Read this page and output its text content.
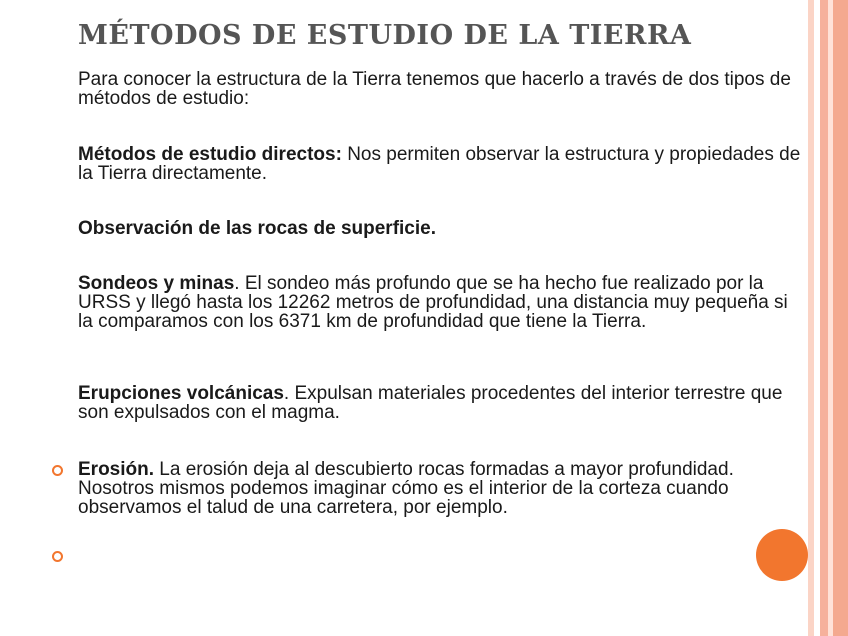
MÉTODOS DE ESTUDIO DE LA TIERRA
Para conocer la estructura de la Tierra tenemos que hacerlo a través de dos tipos de métodos de estudio:
Métodos de estudio directos: Nos permiten observar la estructura y propiedades de la Tierra directamente.
Observación de las rocas de superficie.
Sondeos y minas. El sondeo más profundo que se ha hecho fue realizado por la URSS y llegó hasta los 12262 metros de profundidad, una distancia muy pequeña si la comparamos con los 6371 km de profundidad que tiene la Tierra.
Erupciones volcánicas. Expulsan materiales procedentes del interior terrestre que son expulsados con el magma.
Erosión. La erosión deja al descubierto rocas formadas a mayor profundidad. Nosotros mismos podemos imaginar cómo es el interior de la corteza cuando observamos el talud de una carretera, por ejemplo.
